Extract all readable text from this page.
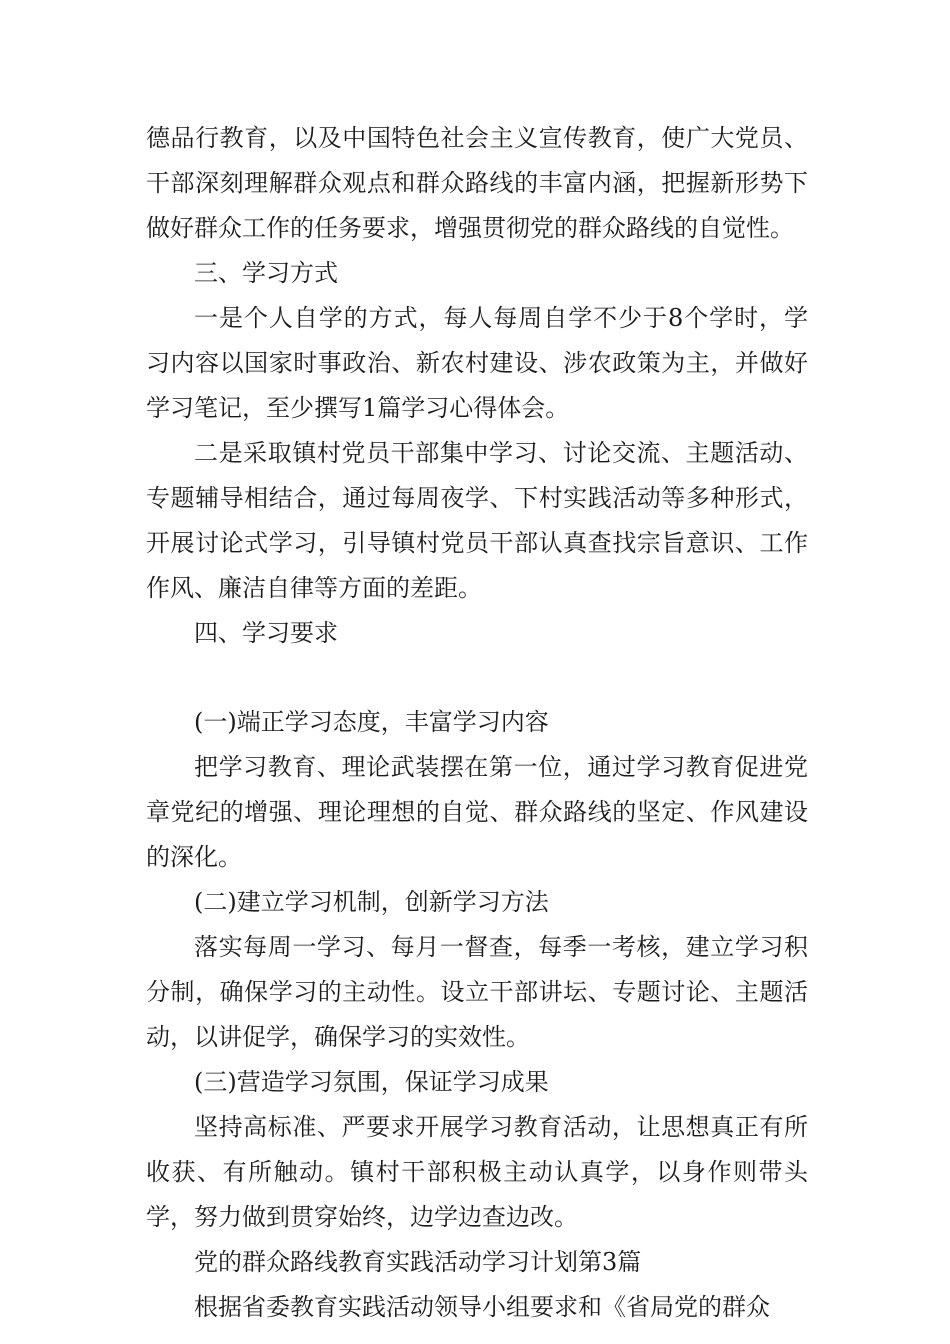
德品行教育，以及中国特色社会主义宣传教育，使广大党员、干部深刻理解群众观点和群众路线的丰富内涵，把握新形势下做好群众工作的任务要求，增强贯彻党的群众路线的自觉性。

三、学习方式

一是个人自学的方式，每人每周自学不少于8个学时，学习内容以国家时事政治、新农村建设、涉农政策为主，并做好学习笔记，至少撰写1篇学习心得体会。

二是采取镇村党员干部集中学习、讨论交流、主题活动、专题辅导相结合，通过每周夜学、下村实践活动等多种形式，开展讨论式学习，引导镇村党员干部认真查找宗旨意识、工作作风、廉洁自律等方面的差距。

四、学习要求

(一)端正学习态度，丰富学习内容

把学习教育、理论武装摆在第一位，通过学习教育促进党章党纪的增强、理论理想的自觉、群众路线的坚定、作风建设的深化。

(二)建立学习机制，创新学习方法

落实每周一学习、每月一督查，每季一考核，建立学习积分制，确保学习的主动性。设立干部讲坛、专题讨论、主题活动，以讲促学，确保学习的实效性。

(三)营造学习氛围，保证学习成果

坚持高标准、严要求开展学习教育活动，让思想真正有所收获、有所触动。镇村干部积极主动认真学，以身作则带头学，努力做到贯穿始终，边学边查边改。

党的群众路线教育实践活动学习计划第3篇

根据省委教育实践活动领导小组要求和《省局党的群众
